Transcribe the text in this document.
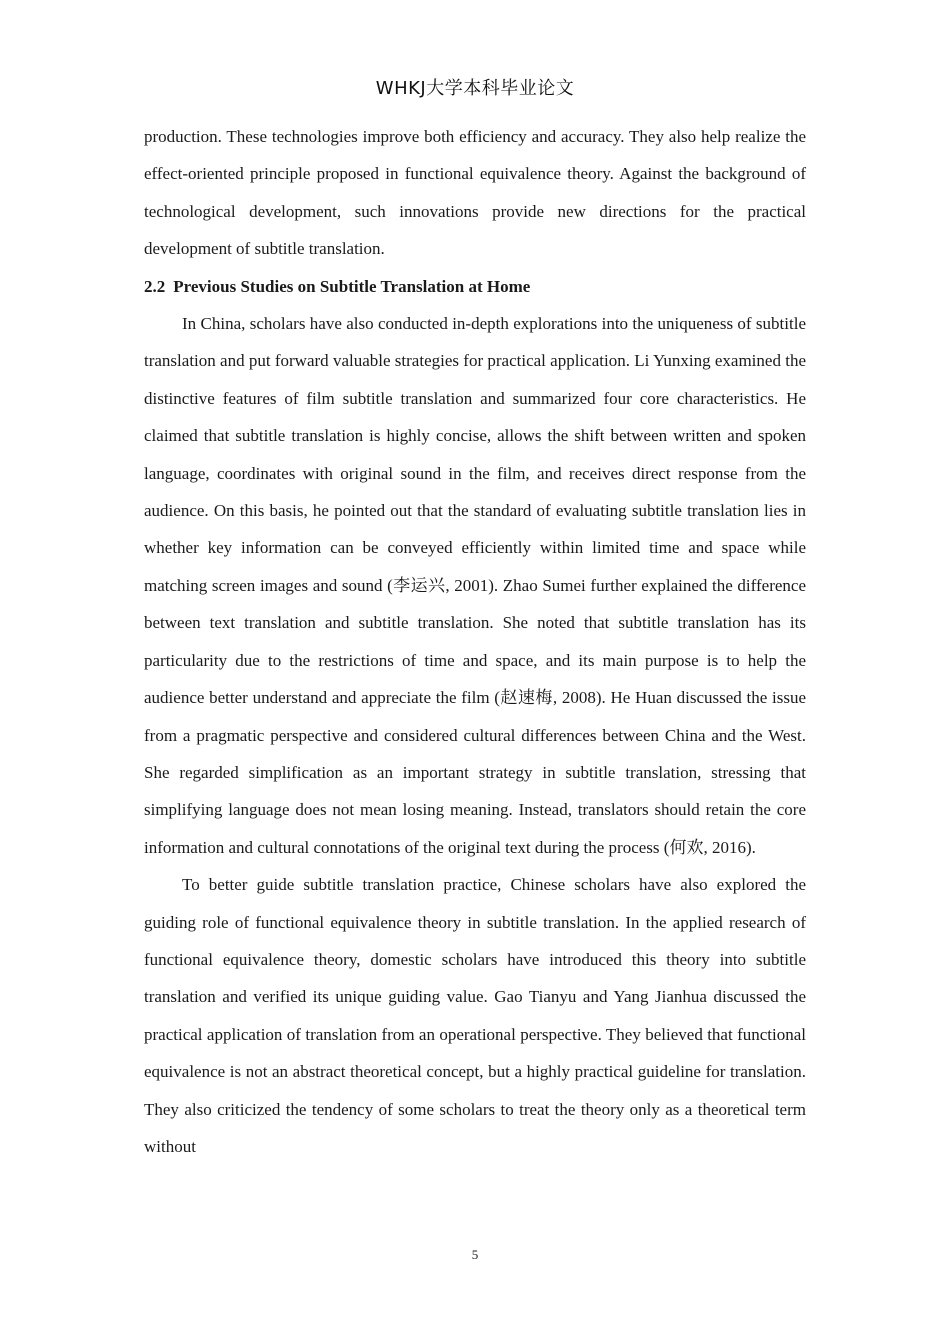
WHKJ大学本科毕业论文

production. These technologies improve both efficiency and accuracy. They also help realize the effect-oriented principle proposed in functional equivalence theory. Against the background of technological development, such innovations provide new directions for the practical development of subtitle translation.

2.2 Previous Studies on Subtitle Translation at Home

In China, scholars have also conducted in-depth explorations into the uniqueness of subtitle translation and put forward valuable strategies for practical application. Li Yunxing examined the distinctive features of film subtitle translation and summarized four core characteristics. He claimed that subtitle translation is highly concise, allows the shift between written and spoken language, coordinates with original sound in the film, and receives direct response from the audience. On this basis, he pointed out that the standard of evaluating subtitle translation lies in whether key information can be conveyed efficiently within limited time and space while matching screen images and sound (李运兴, 2001). Zhao Sumei further explained the difference between text translation and subtitle translation. She noted that subtitle translation has its particularity due to the restrictions of time and space, and its main purpose is to help the audience better understand and appreciate the film (赵速梅, 2008). He Huan discussed the issue from a pragmatic perspective and considered cultural differences between China and the West. She regarded simplification as an important strategy in subtitle translation, stressing that simplifying language does not mean losing meaning. Instead, translators should retain the core information and cultural connotations of the original text during the process (何欢, 2016).

To better guide subtitle translation practice, Chinese scholars have also explored the guiding role of functional equivalence theory in subtitle translation. In the applied research of functional equivalence theory, domestic scholars have introduced this theory into subtitle translation and verified its unique guiding value. Gao Tianyu and Yang Jianhua discussed the practical application of translation from an operational perspective. They believed that functional equivalence is not an abstract theoretical concept, but a highly practical guideline for translation. They also criticized the tendency of some scholars to treat the theory only as a theoretical term without

5
